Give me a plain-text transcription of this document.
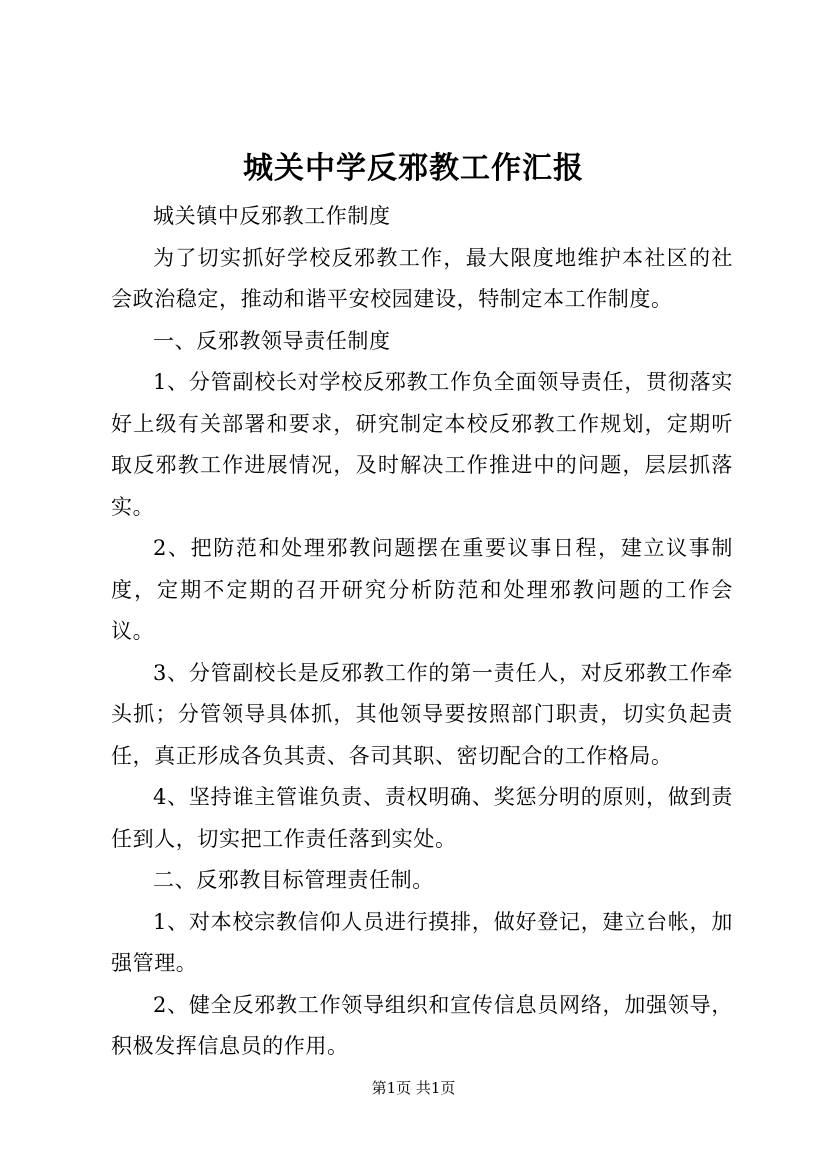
城关中学反邪教工作汇报

城关镇中反邪教工作制度

为了切实抓好学校反邪教工作，最大限度地维护本社区的社会政治稳定，推动和谐平安校园建设，特制定本工作制度。

一、反邪教领导责任制度

1、分管副校长对学校反邪教工作负全面领导责任，贯彻落实好上级有关部署和要求，研究制定本校反邪教工作规划，定期听取反邪教工作进展情况，及时解决工作推进中的问题，层层抓落实。

2、把防范和处理邪教问题摆在重要议事日程，建立议事制度，定期不定期的召开研究分析防范和处理邪教问题的工作会议。

3、分管副校长是反邪教工作的第一责任人，对反邪教工作牵头抓；分管领导具体抓，其他领导要按照部门职责，切实负起责任，真正形成各负其责、各司其职、密切配合的工作格局。

4、坚持谁主管谁负责、责权明确、奖惩分明的原则，做到责任到人，切实把工作责任落到实处。

二、反邪教目标管理责任制。

1、对本校宗教信仰人员进行摸排，做好登记，建立台帐，加强管理。

2、健全反邪教工作领导组织和宣传信息员网络，加强领导，积极发挥信息员的作用。

第1页 共1页
